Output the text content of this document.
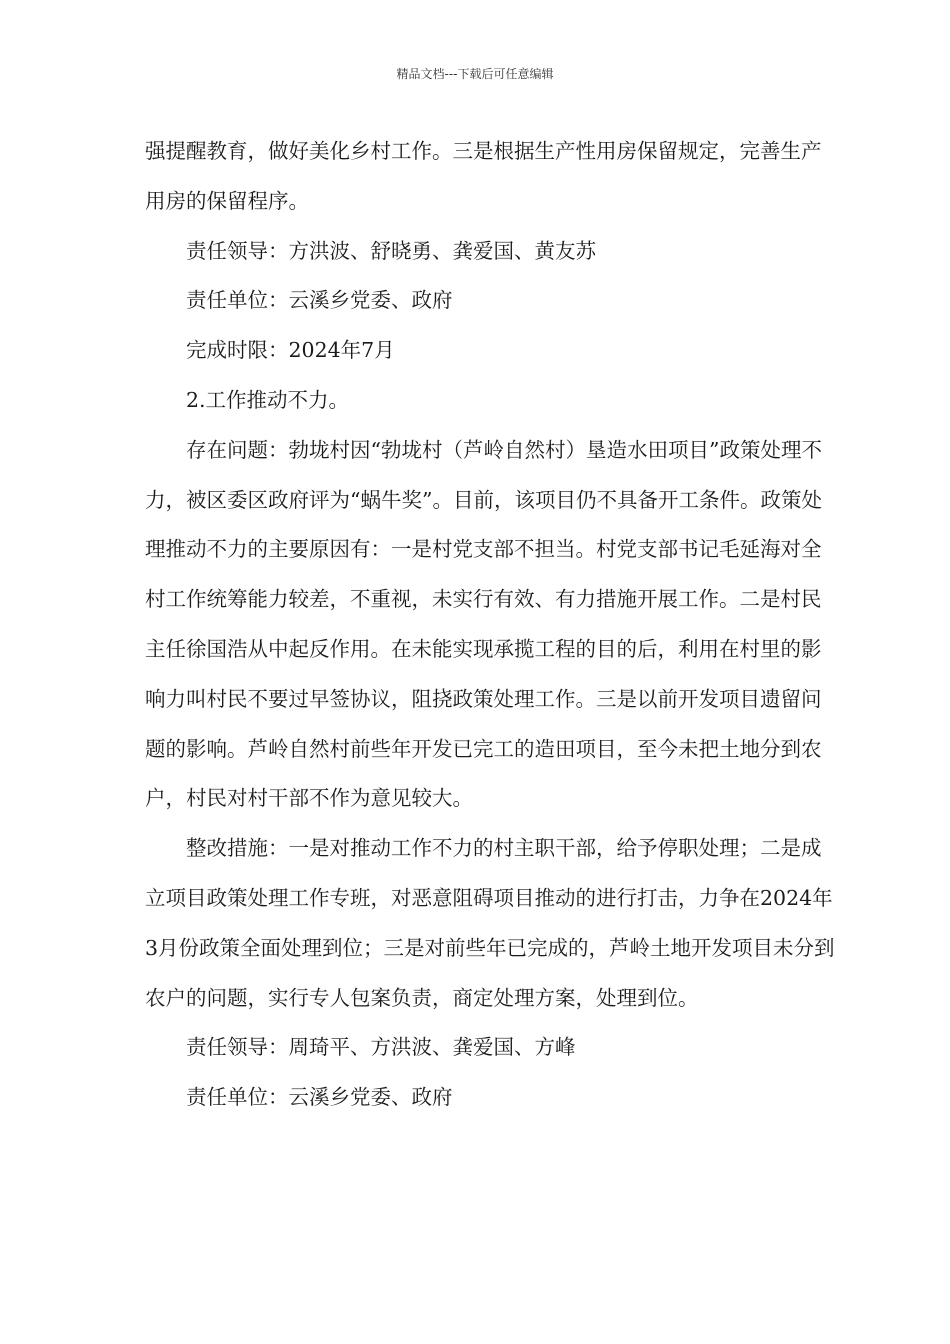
精品文档---下载后可任意编辑

强提醒教育，做好美化乡村工作。三是根据生产性用房保留规定，完善生产用房的保留程序。

责任领导：方洪波、舒晓勇、龚爱国、黄友苏

责任单位：云溪乡党委、政府

完成时限：2024年7月

2.工作推动不力。

存在问题：勃垅村因“勃垅村（芦岭自然村）垦造水田项目”政策处理不力，被区委区政府评为“蜗牛奖”。目前，该项目仍不具备开工条件。政策处理推动不力的主要原因有：一是村党支部不担当。村党支部书记毛延海对全村工作统筹能力较差，不重视，未实行有效、有力措施开展工作。二是村民主任徐国浩从中起反作用。在未能实现承揽工程的目的后，利用在村里的影响力叫村民不要过早签协议，阻挠政策处理工作。三是以前开发项目遗留问题的影响。芦岭自然村前些年开发已完工的造田项目，至今未把土地分到农户，村民对村干部不作为意见较大。

整改措施：一是对推动工作不力的村主职干部，给予停职处理；二是成立项目政策处理工作专班，对恶意阻碍项目推动的进行打击，力争在2024年3月份政策全面处理到位；三是对前些年已完成的，芦岭土地开发项目未分到农户的问题，实行专人包案负责，商定处理方案，处理到位。

责任领导：周琦平、方洪波、龚爱国、方峰

责任单位：云溪乡党委、政府
